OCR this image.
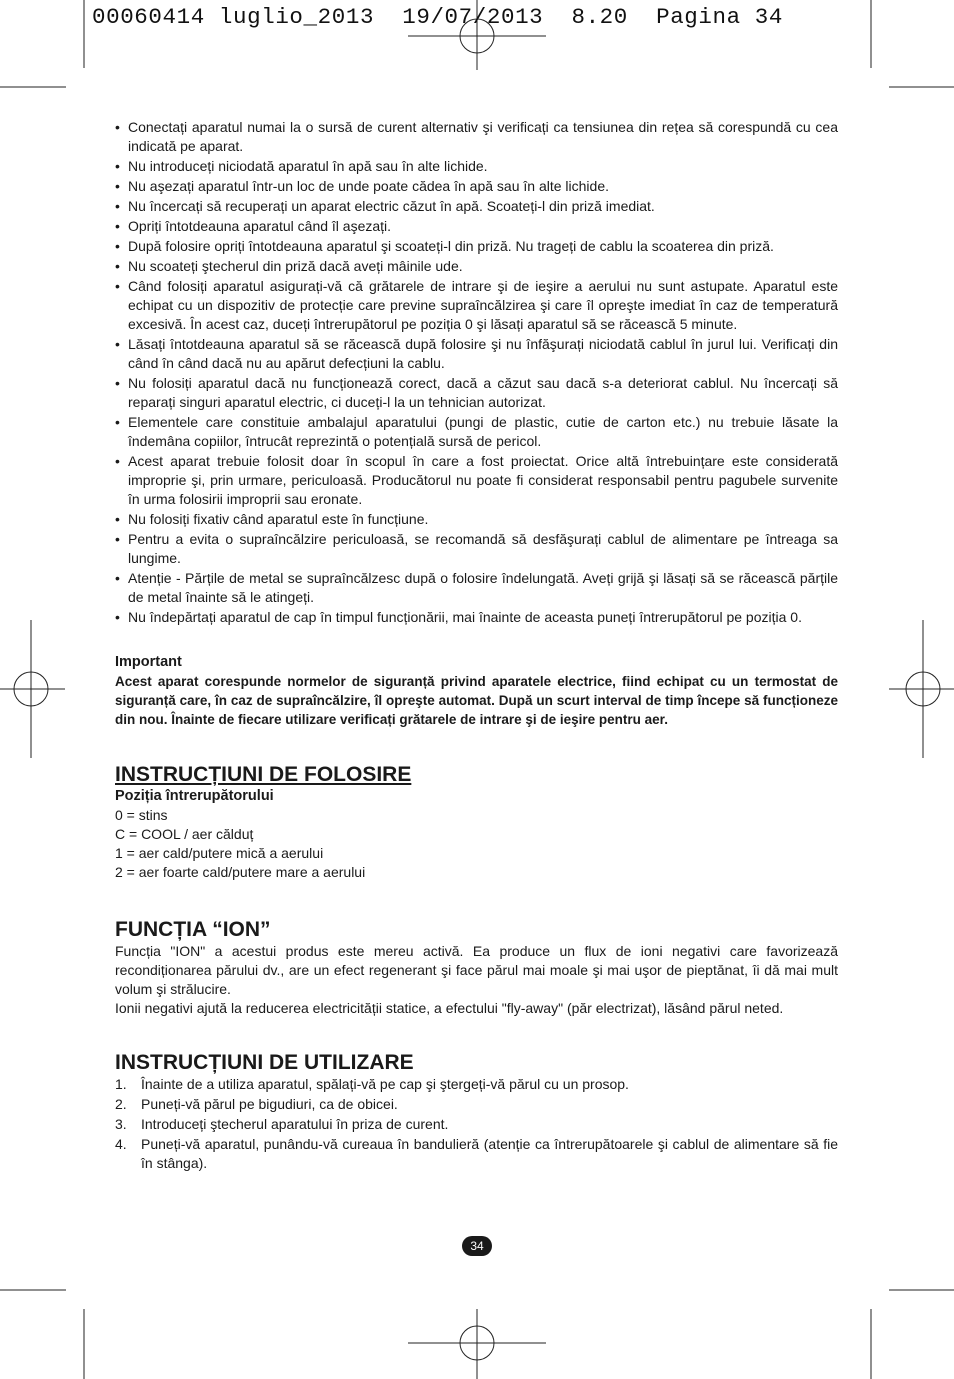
00060414 luglio_2013  19/07/2013  8.20  Pagina 34
• Conectați aparatul numai la o sursă de curent alternativ şi verificați ca tensiunea din rețea să corespundă cu cea indicată pe aparat.
• Nu introduceți niciodată aparatul în apă sau în alte lichide.
• Nu aşezați aparatul într-un loc de unde poate cădea în apă sau în alte lichide.
• Nu încercați să recuperați un aparat electric căzut în apă. Scoateți-l din priză imediat.
• Opriți întotdeauna aparatul când îl aşezați.
• După folosire opriți întotdeauna aparatul şi scoateți-l din priză. Nu trageți de cablu la scoaterea din priză.
• Nu scoateți ştecherul din priză dacă aveți mâinile ude.
• Când folosiți aparatul asigurați-vă că grătarele de intrare şi de ieşire a aerului nu sunt astupate. Aparatul este echipat cu un dispozitiv de protecție care previne supraîncălzirea şi care îl opreşte imediat în caz de temperatură excesivă. În acest caz, duceți întrerupătorul pe poziția 0 şi lăsați aparatul să se răcească 5 minute.
• Lăsați întotdeauna aparatul să se răcească după folosire şi nu înfăşurați niciodată cablul în jurul lui. Verificați din când în când dacă nu au apărut defecțiuni la cablu.
• Nu folosiți aparatul dacă nu funcționează corect, dacă a căzut sau dacă s-a deteriorat cablul. Nu încercați să reparați singuri aparatul electric, ci duceți-l la un tehnician autorizat.
• Elementele care constituie ambalajul aparatului (pungi de plastic, cutie de carton etc.) nu trebuie lăsate la îndemâna copiilor, întrucât reprezintă o potențială sursă de pericol.
• Acest aparat trebuie folosit doar în scopul în care a fost proiectat. Orice altă întrebuințare este considerată improprie şi, prin urmare, periculoasă. Producătorul nu poate fi considerat responsabil pentru pagubele survenite în urma folosirii improprii sau eronate.
• Nu folosiți fixativ când aparatul este în funcțiune.
• Pentru a evita o supraîncălzire periculoasă, se recomandă să desfăşurați cablul de alimentare pe întreaga sa lungime.
• Atenție - Părțile de metal se supraîncălzesc după o folosire îndelungată. Aveți grijă şi lăsați să se răcească părțile de metal înainte să le atingeți.
• Nu îndepărtați aparatul de cap în timpul funcționării, mai înainte de aceasta puneți întrerupătorul pe poziția 0.
Important
Acest aparat corespunde normelor de siguranță privind aparatele electrice, fiind echipat cu un termostat de siguranță care, în caz de supraîncălzire, îl opreşte automat. După un scurt interval de timp începe să funcționeze din nou. Înainte de fiecare utilizare verificați grătarele de intrare şi de ieşire pentru aer.
INSTRUCȚIUNI DE FOLOSIRE

Poziția întrerupătorului

0 = stins
C = COOL / aer călduț
1 = aer cald/putere mică a aerului
2 = aer foarte cald/putere mare a aerului
FUNCȚIA “ION”

Funcția "ION" a acestui produs este mereu activă. Ea produce un flux de ioni negativi care favorizează recondiționarea părului dv., are un efect regenerant şi face părul mai moale şi mai uşor de pieptănat, îi dă mai mult volum şi strălucire.

Ionii negativi ajută la reducerea electricității statice, a efectului "fly-away" (păr electrizat), lăsând părul neted.

INSTRUCȚIUNI DE UTILIZARE
1. Înainte de a utiliza aparatul, spălați-vă pe cap şi ştergeți-vă părul cu un prosop.
2. Puneți-vă părul pe bigudiuri, ca de obicei.
3. Introduceți ştecherul aparatului în priza de curent.
4. Puneți-vă aparatul, punându-vă cureaua în bandulieră (atenție ca întrerupătoarele şi cablul de alimentare să fie în stânga).
34
